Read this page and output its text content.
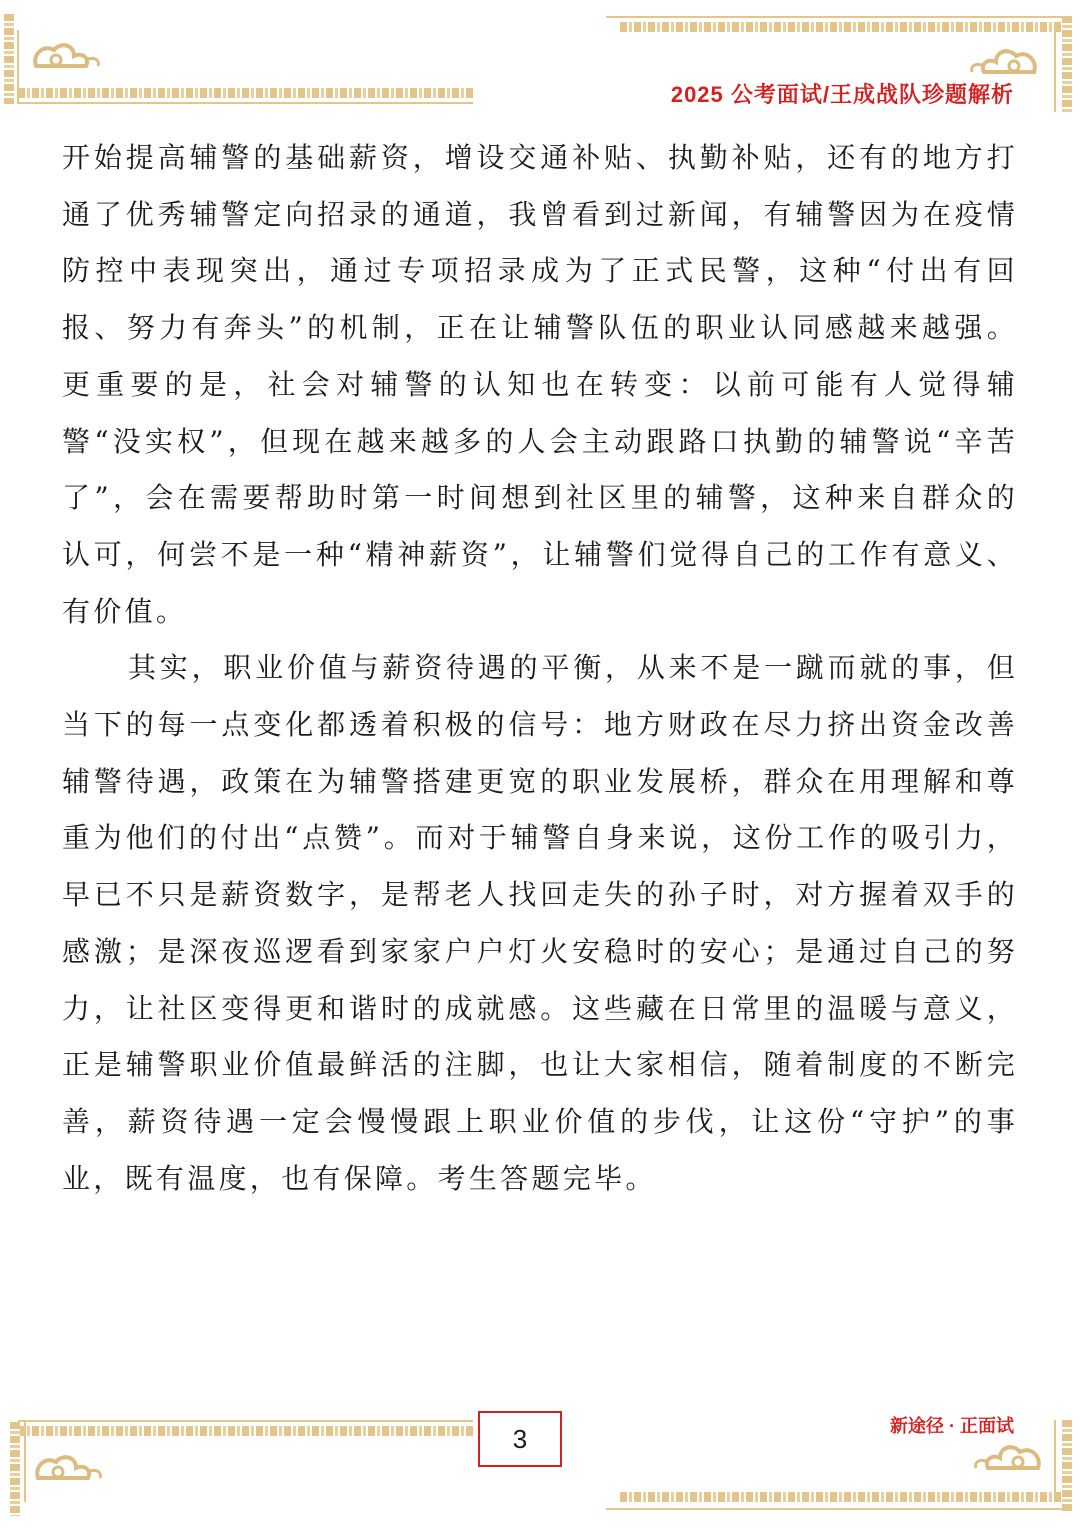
2025 公考面试/王成战队珍题解析

开始提高辅警的基础薪资，增设交通补贴、执勤补贴，还有的地方打通了优秀辅警定向招录的通道，我曾看到过新闻，有辅警因为在疫情防控中表现突出，通过专项招录成为了正式民警，这种“付出有回报、努力有奔头”的机制，正在让辅警队伍的职业认同感越来越强。更重要的是，社会对辅警的认知也在转变：以前可能有人觉得辅警“没实权”，但现在越来越多的人会主动跟路口执勤的辅警说“辛苦了”，会在需要帮助时第一时间想到社区里的辅警，这种来自群众的认可，何尝不是一种“精神薪资”，让辅警们觉得自己的工作有意义、有价值。

其实，职业价值与薪资待遇的平衡，从来不是一蹴而就的事，但当下的每一点变化都透着积极的信号：地方财政在尽力挤出资金改善辅警待遇，政策在为辅警搭建更宽的职业发展桥，群众在用理解和尊重为他们的付出“点赞”。而对于辅警自身来说，这份工作的吸引力，早已不只是薪资数字，是帮老人找回走失的孙子时，对方握着双手的感激；是深夜巡逻看到家家户户灯火安稳时的安心；是通过自己的努力，让社区变得更和谐时的成就感。这些藏在日常里的温暖与意义，正是辅警职业价值最鲜活的注脚，也让大家相信，随着制度的不断完善，薪资待遇一定会慢慢跟上职业价值的步伐，让这份“守护”的事业，既有温度，也有保障。考生答题完毕。

3	新途径 · 正面试
